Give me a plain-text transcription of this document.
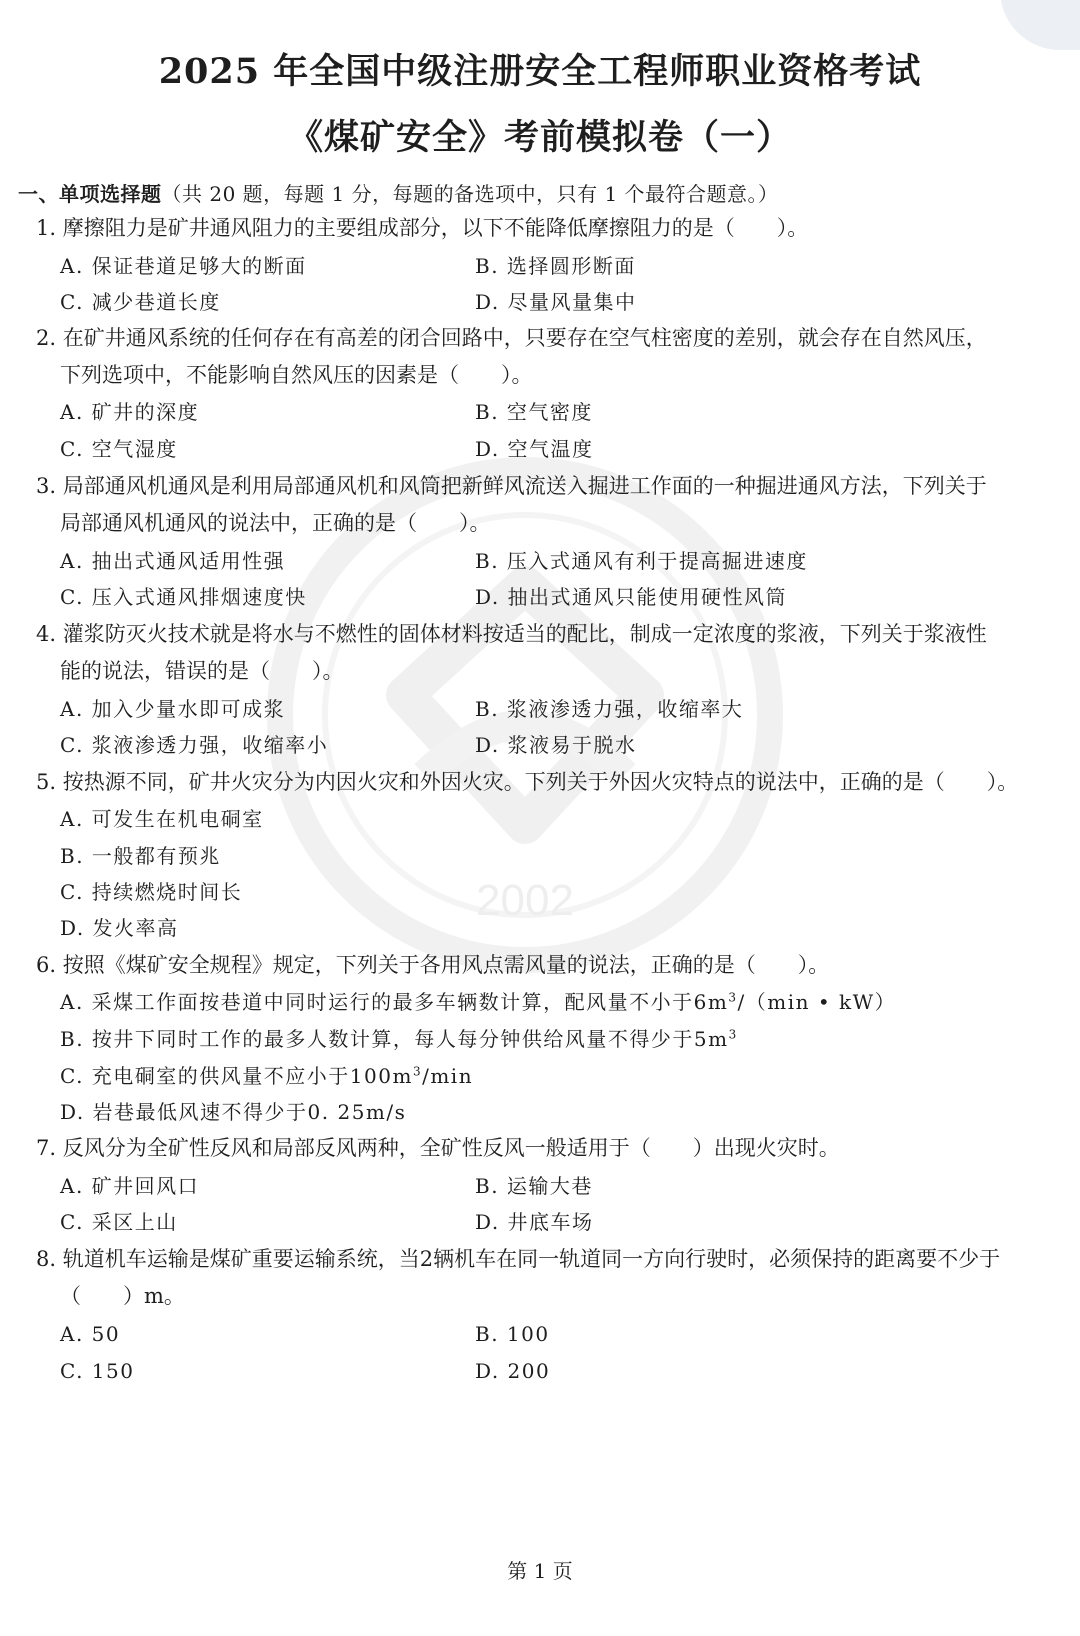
2002
2025 年全国中级注册安全工程师职业资格考试
《煤矿安全》考前模拟卷（一）
一、单项选择题（共 20 题，每题 1 分，每题的备选项中，只有 1 个最符合题意。）
1. 摩擦阻力是矿井通风阻力的主要组成部分，以下不能降低摩擦阻力的是（　　）。
A. 保证巷道足够大的断面	B. 选择圆形断面
C. 减少巷道长度	D. 尽量风量集中
2. 在矿井通风系统的任何存在有高差的闭合回路中，只要存在空气柱密度的差别，就会存在自然风压，
下列选项中，不能影响自然风压的因素是（　　）。
A. 矿井的深度	B. 空气密度
C. 空气湿度	D. 空气温度
3. 局部通风机通风是利用局部通风机和风筒把新鲜风流送入掘进工作面的一种掘进通风方法，下列关于
局部通风机通风的说法中，正确的是（　　）。
A. 抽出式通风适用性强	B. 压入式通风有利于提高掘进速度
C. 压入式通风排烟速度快	D. 抽出式通风只能使用硬性风筒
4. 灌浆防灭火技术就是将水与不燃性的固体材料按适当的配比，制成一定浓度的浆液，下列关于浆液性
能的说法，错误的是（　　）。
A. 加入少量水即可成浆	B. 浆液渗透力强，收缩率大
C. 浆液渗透力强，收缩率小	D. 浆液易于脱水
5. 按热源不同，矿井火灾分为内因火灾和外因火灾。下列关于外因火灾特点的说法中，正确的是（　　）。
A. 可发生在机电硐室
B. 一般都有预兆
C. 持续燃烧时间长
D. 发火率高
6. 按照《煤矿安全规程》规定，下列关于各用风点需风量的说法，正确的是（　　）。
A. 采煤工作面按巷道中同时运行的最多车辆数计算，配风量不小于$6m^3/(\min$ • kW）
B. 按井下同时工作的最多人数计算，每人每分钟供给风量不得少于$5m^3$
C. 充电硐室的供风量不应小于$100m^3/\min$
D. 岩巷最低风速不得少于0. 25m/s
7. 反风分为全矿性反风和局部反风两种，全矿性反风一般适用于（　　）出现火灾时。
A. 矿井回风口	B. 运输大巷
C. 采区上山	D. 井底车场
8. 轨道机车运输是煤矿重要运输系统，当2辆机车在同一轨道同一方向行驶时，必须保持的距离要不少于
（　　）m。
A. 50	B. 100
C. 150	D. 200
第 1 页
